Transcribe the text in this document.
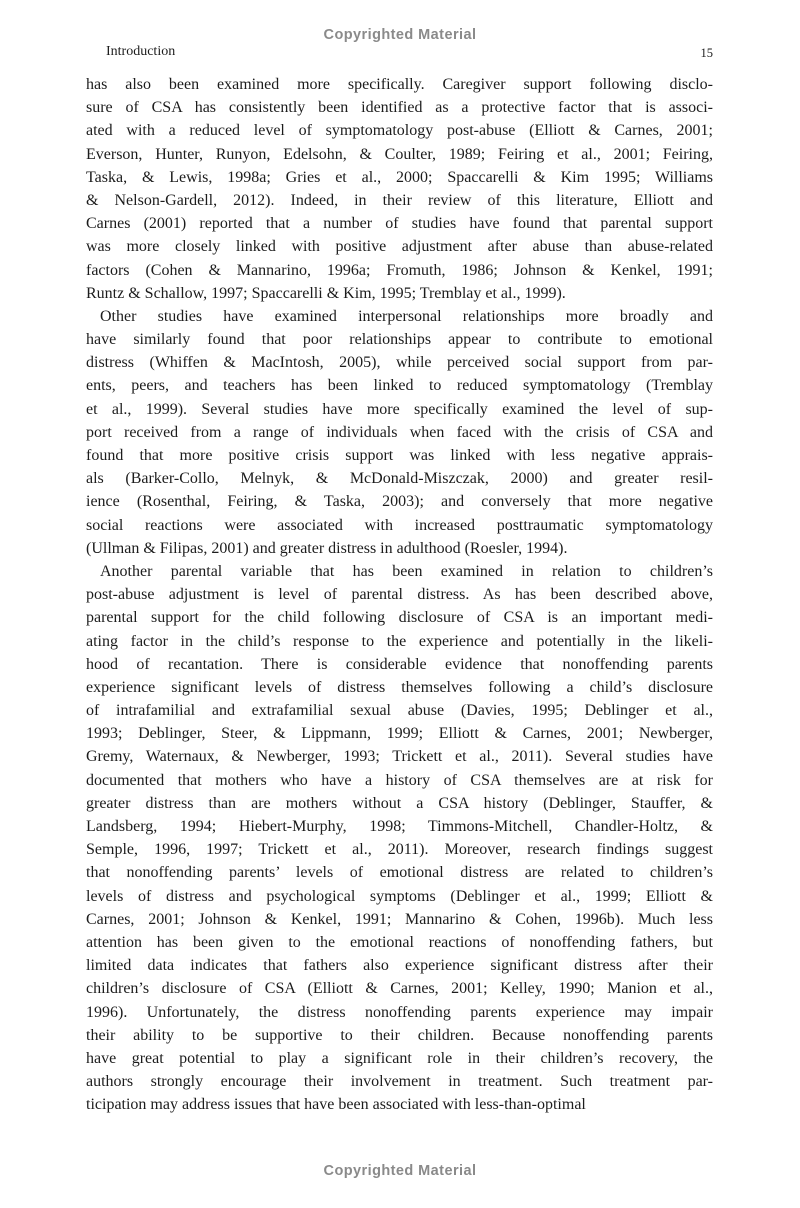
Copyrighted Material
Introduction	15
has also been examined more specifically. Caregiver support following disclo-
sure of CSA has consistently been identified as a protective factor that is associ-
ated with a reduced level of symptomatology post-abuse (Elliott & Carnes, 2001;
Everson, Hunter, Runyon, Edelsohn, & Coulter, 1989; Feiring et al., 2001; Feiring,
Taska, & Lewis, 1998a; Gries et al., 2000; Spaccarelli & Kim 1995; Williams
& Nelson-Gardell, 2012). Indeed, in their review of this literature, Elliott and
Carnes (2001) reported that a number of studies have found that parental support
was more closely linked with positive adjustment after abuse than abuse-related
factors (Cohen & Mannarino, 1996a; Fromuth, 1986; Johnson & Kenkel, 1991;
Runtz & Schallow, 1997; Spaccarelli & Kim, 1995; Tremblay et al., 1999).
Other studies have examined interpersonal relationships more broadly and
have similarly found that poor relationships appear to contribute to emotional
distress (Whiffen & MacIntosh, 2005), while perceived social support from par-
ents, peers, and teachers has been linked to reduced symptomatology (Tremblay
et al., 1999). Several studies have more specifically examined the level of sup-
port received from a range of individuals when faced with the crisis of CSA and
found that more positive crisis support was linked with less negative apprais-
als (Barker-Collo, Melnyk, & McDonald-Miszczak, 2000) and greater resil-
ience (Rosenthal, Feiring, & Taska, 2003); and conversely that more negative
social reactions were associated with increased posttraumatic symptomatology
(Ullman & Filipas, 2001) and greater distress in adulthood (Roesler, 1994).
Another parental variable that has been examined in relation to children’s
post-abuse adjustment is level of parental distress. As has been described above,
parental support for the child following disclosure of CSA is an important medi-
ating factor in the child’s response to the experience and potentially in the likeli-
hood of recantation. There is considerable evidence that nonoffending parents
experience significant levels of distress themselves following a child’s disclosure
of intrafamilial and extrafamilial sexual abuse (Davies, 1995; Deblinger et al.,
1993; Deblinger, Steer, & Lippmann, 1999; Elliott & Carnes, 2001; Newberger,
Gremy, Waternaux, & Newberger, 1993; Trickett et al., 2011). Several studies have
documented that mothers who have a history of CSA themselves are at risk for
greater distress than are mothers without a CSA history (Deblinger, Stauffer, &
Landsberg, 1994; Hiebert-Murphy, 1998; Timmons-Mitchell, Chandler-Holtz, &
Semple, 1996, 1997; Trickett et al., 2011). Moreover, research findings suggest
that nonoffending parents’ levels of emotional distress are related to children’s
levels of distress and psychological symptoms (Deblinger et al., 1999; Elliott &
Carnes, 2001; Johnson & Kenkel, 1991; Mannarino & Cohen, 1996b). Much less
attention has been given to the emotional reactions of nonoffending fathers, but
limited data indicates that fathers also experience significant distress after their
children’s disclosure of CSA (Elliott & Carnes, 2001; Kelley, 1990; Manion et al.,
1996). Unfortunately, the distress nonoffending parents experience may impair
their ability to be supportive to their children. Because nonoffending parents
have great potential to play a significant role in their children’s recovery, the
authors strongly encourage their involvement in treatment. Such treatment par-
ticipation may address issues that have been associated with less-than-optimal
Copyrighted Material
